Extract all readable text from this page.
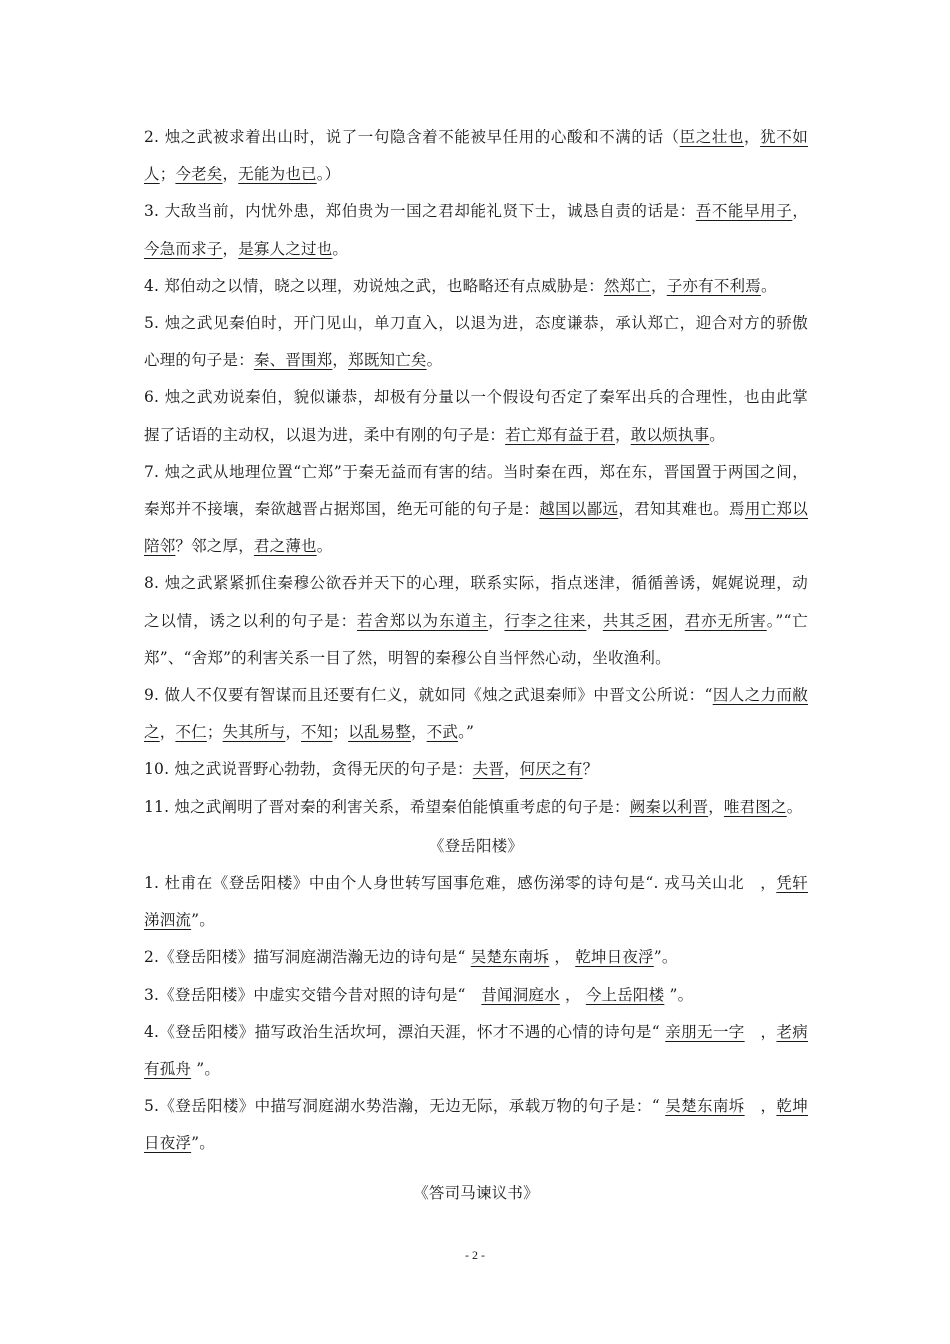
2. 烛之武被求着出山时，说了一句隐含着不能被早任用的心酸和不满的话（臣之壮也，犹不如人；今老矣，无能为也已。）

3. 大敌当前，内忧外患，郑伯贵为一国之君却能礼贤下士，诚恳自责的话是：吾不能早用子，今急而求子，是寡人之过也。

4. 郑伯动之以情，晓之以理，劝说烛之武，也略略还有点威胁是：然郑亡，子亦有不利焉。

5. 烛之武见秦伯时，开门见山，单刀直入，以退为进，态度谦恭，承认郑亡，迎合对方的骄傲心理的句子是：秦、晋围郑，郑既知亡矣。

6. 烛之武劝说秦伯，貌似谦恭，却极有分量以一个假设句否定了秦军出兵的合理性，也由此掌握了话语的主动权，以退为进，柔中有刚的句子是：若亡郑有益于君，敢以烦执事。

7. 烛之武从地理位置“亡郑”于秦无益而有害的结。当时秦在西，郑在东，晋国置于两国之间，秦郑并不接壤，秦欲越晋占据郑国，绝无可能的句子是：越国以鄙远，君知其难也。焉用亡郑以陪邻？邻之厚，君之薄也。

8. 烛之武紧紧抓住秦穆公欲吞并天下的心理，联系实际，指点迷津，循循善诱，娓娓说理，动之以情，诱之以利的句子是：若舍郑以为东道主，行李之往来，共其乏困，君亦无所害。”“亡郑”、“舍郑”的利害关系一目了然，明智的秦穆公自当怦然心动，坐收渔利。

9. 做人不仅要有智谋而且还要有仁义，就如同《烛之武退秦师》中晋文公所说：“因人之力而敝之，不仁；失其所与，不知；以乱易整，不武。”

10. 烛之武说晋野心勃勃，贪得无厌的句子是：夫晋，何厌之有？

11. 烛之武阐明了晋对秦的利害关系，希望秦伯能慎重考虑的句子是：阙秦以利晋，唯君图之。

《登岳阳楼》

1. 杜甫在《登岳阳楼》中由个人身世转写国事危难，感伤涕零的诗句是“. 戎马关山北　，凭轩涕泗流”。

2.《登岳阳楼》描写洞庭湖浩瀚无边的诗句是“ 吴楚东南坼 ， 乾坤日夜浮”。

3.《登岳阳楼》中虚实交错今昔对照的诗句是“　昔闻洞庭水 ， 今上岳阳楼 ”。

4.《登岳阳楼》描写政治生活坎坷，漂泊天涯，怀才不遇的心情的诗句是“ 亲朋无一字　，老病有孤舟 ”。

5.《登岳阳楼》中描写洞庭湖水势浩瀚，无边无际，承载万物的句子是：“ 吴楚东南坼　，乾坤日夜浮”。

《答司马谏议书》

- 2 -
